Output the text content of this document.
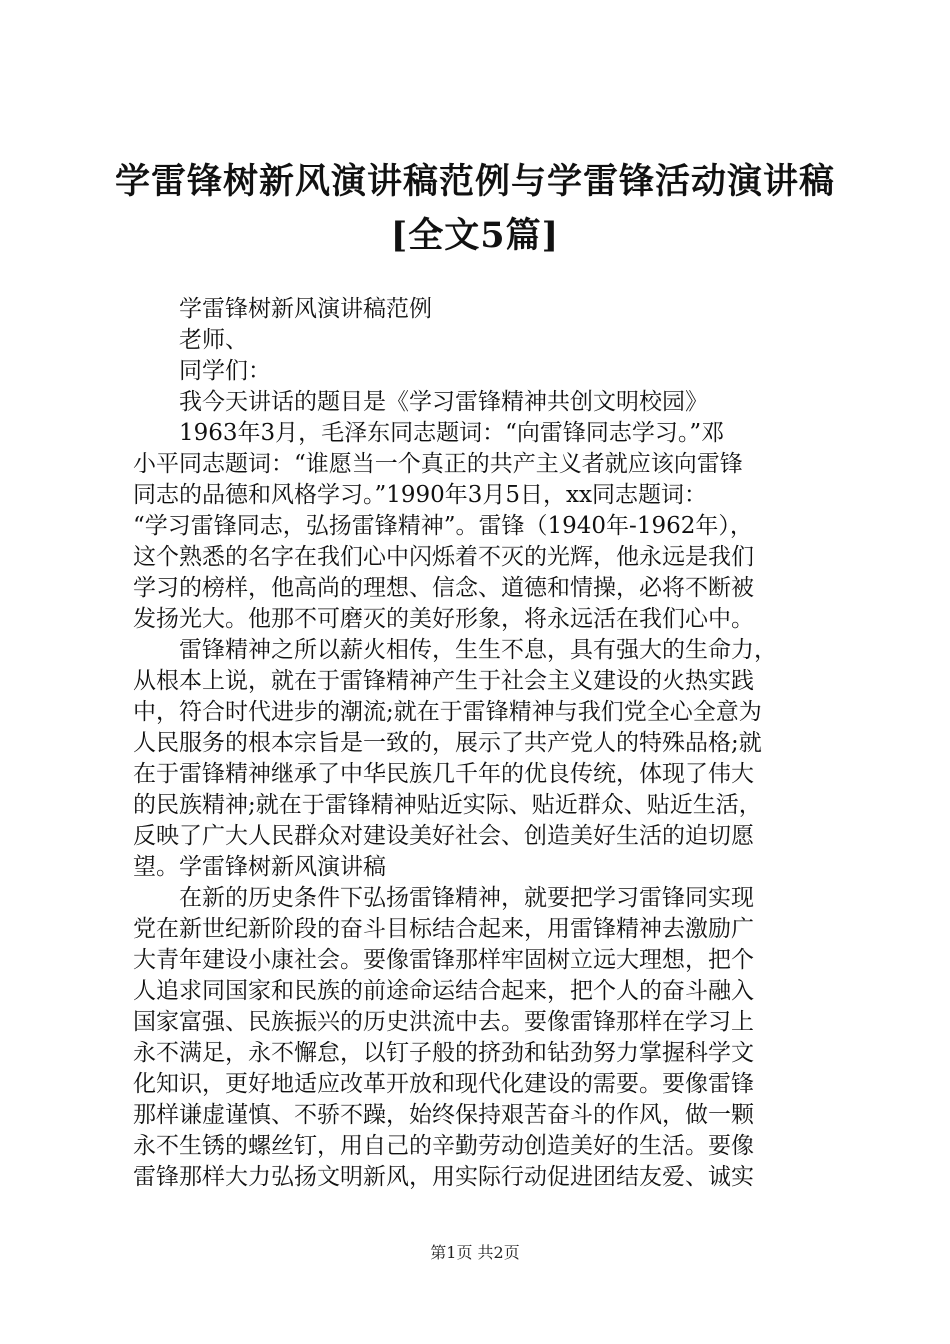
学雷锋树新风演讲稿范例与学雷锋活动演讲稿
[全文5篇]
学雷锋树新风演讲稿范例
老师、
同学们：
我今天讲话的题目是《学习雷锋精神共创文明校园》
1963年3月，毛泽东同志题词：“向雷锋同志学习。”邓
小平同志题词：“谁愿当一个真正的共产主义者就应该向雷锋
同志的品德和风格学习。”1990年3月5日，xx同志题词：
“学习雷锋同志，弘扬雷锋精神”。雷锋（1940年-1962年），
这个熟悉的名字在我们心中闪烁着不灭的光辉，他永远是我们
学习的榜样，他高尚的理想、信念、道德和情操，必将不断被
发扬光大。他那不可磨灭的美好形象，将永远活在我们心中。
雷锋精神之所以薪火相传，生生不息，具有强大的生命力，
从根本上说，就在于雷锋精神产生于社会主义建设的火热实践
中，符合时代进步的潮流;就在于雷锋精神与我们党全心全意为
人民服务的根本宗旨是一致的，展示了共产党人的特殊品格;就
在于雷锋精神继承了中华民族几千年的优良传统，体现了伟大
的民族精神;就在于雷锋精神贴近实际、贴近群众、贴近生活，
反映了广大人民群众对建设美好社会、创造美好生活的迫切愿
望。学雷锋树新风演讲稿
在新的历史条件下弘扬雷锋精神，就要把学习雷锋同实现
党在新世纪新阶段的奋斗目标结合起来，用雷锋精神去激励广
大青年建设小康社会。要像雷锋那样牢固树立远大理想，把个
人追求同国家和民族的前途命运结合起来，把个人的奋斗融入
国家富强、民族振兴的历史洪流中去。要像雷锋那样在学习上
永不满足，永不懈怠，以钉子般的挤劲和钻劲努力掌握科学文
化知识，更好地适应改革开放和现代化建设的需要。要像雷锋
那样谦虚谨慎、不骄不躁，始终保持艰苦奋斗的作风，做一颗
永不生锈的螺丝钉，用自己的辛勤劳动创造美好的生活。要像
雷锋那样大力弘扬文明新风，用实际行动促进团结友爱、诚实
第1页 共2页
